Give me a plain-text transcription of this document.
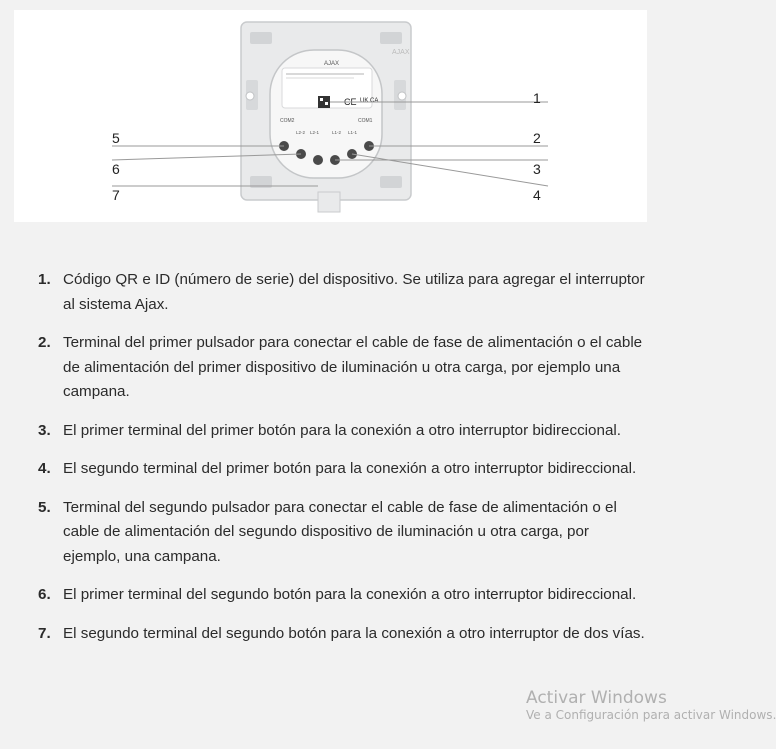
AJAX
AJAX
CE UK CA
COM2	COM1
L2-1	L1-2
L2-2	L1-1
1
2
3
4
5
6
7
1. Código QR e ID (número de serie) del dispositivo. Se utiliza para agregar el interruptor al sistema Ajax.
2. Terminal del primer pulsador para conectar el cable de fase de alimentación o el cable de alimentación del primer dispositivo de iluminación u otra carga, por ejemplo una campana.
3. El primer terminal del primer botón para la conexión a otro interruptor bidireccional.
4. El segundo terminal del primer botón para la conexión a otro interruptor bidireccional.
5. Terminal del segundo pulsador para conectar el cable de fase de alimentación o el cable de alimentación del segundo dispositivo de iluminación u otra carga, por ejemplo, una campana.
6. El primer terminal del segundo botón para la conexión a otro interruptor bidireccional.
7. El segundo terminal del segundo botón para la conexión a otro interruptor de dos vías.
Activar Windows
Ve a Configuración para activar Windows.
